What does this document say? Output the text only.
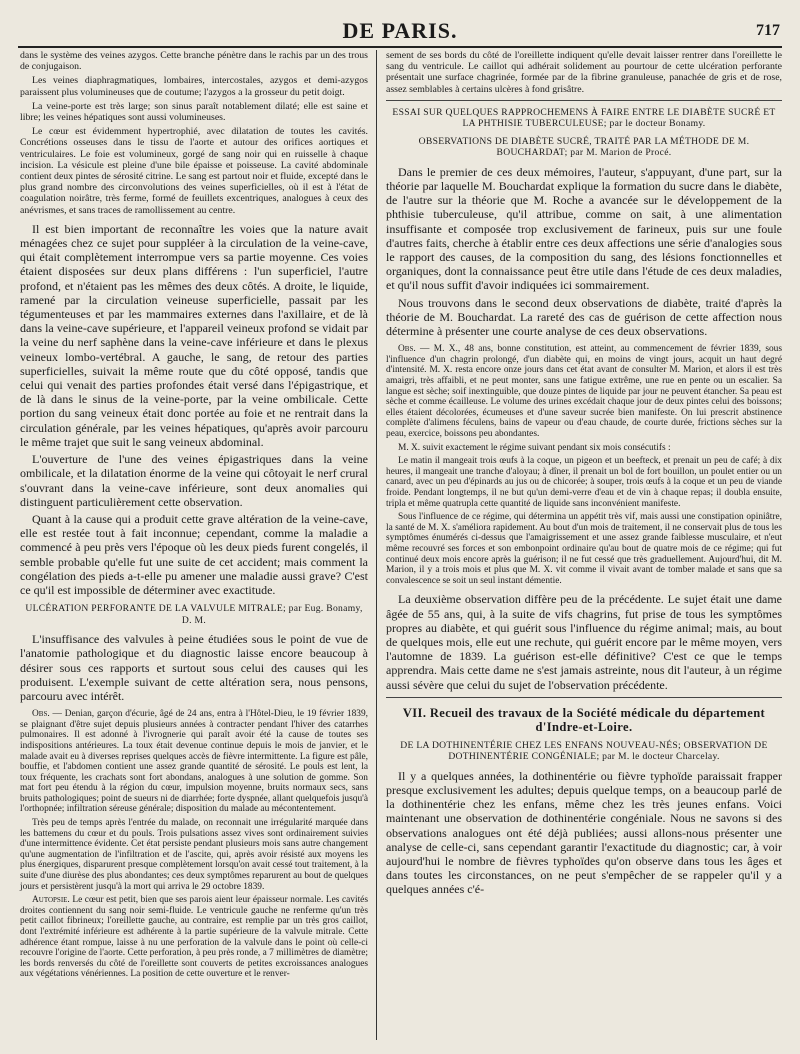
DE PARIS.	717

dans le système des veines azygos. Cette branche pénètre dans le rachis par un des trous de conjugaison.

Les veines diaphragmatiques, lombaires, intercostales, azygos et demi-azygos paraissent plus volumineuses que de coutume; l'azygos a la grosseur du petit doigt.

La veine-porte est très large; son sinus paraît notablement dilaté; elle est saine et libre; les veines hépatiques sont aussi volumineuses.

Le cœur est évidemment hypertrophié, avec dilatation de toutes les cavités. Concrétions osseuses dans le tissu de l'aorte et autour des orifices aortiques et ventriculaires. Le foie est volumineux, gorgé de sang noir qui en ruisselle à chaque incision. La vésicule est pleine d'une bile épaisse et poisseuse. La cavité abdominale contient deux pintes de sérosité citrine. Le sang est partout noir et fluide, excepté dans le plus grand nombre des circonvolutions des veines superficielles, où il est à l'état de coagulation noirâtre, très ferme, formé de feuillets excentriques, analogues à ceux des anévrismes, et sans traces de ramollissement au centre.

Il est bien important de reconnaître les voies que la nature avait ménagées chez ce sujet pour suppléer à la circulation de la veine-cave, qui était complètement interrompue vers sa partie moyenne. Ces voies étaient disposées sur deux plans différens : l'un superficiel, l'autre profond, et n'étaient pas les mêmes des deux côtés. A droite, le liquide, ramené par la circulation veineuse superficielle, passait par les tégumenteuses et par les mammaires externes dans l'axillaire, et de là dans la veine-cave supérieure, et l'appareil veineux profond se vidait par la veine du nerf saphène dans la veine-cave inférieure et dans le plexus veineux lombo-vertébral. A gauche, le sang, de retour des parties superficielles, suivait la même route que du côté opposé, tandis que celui qui venait des parties profondes était versé dans l'épigastrique, et de là dans le sinus de la veine-porte, par la veine ombilicale. Cette portion du sang veineux était donc portée au foie et ne rentrait dans la circulation générale, par les veines hépatiques, qu'après avoir parcouru le même trajet que suit le sang veineux abdominal.

L'ouverture de l'une des veines épigastriques dans la veine ombilicale, et la dilatation énorme de la veine qui côtoyait le nerf crural s'ouvrant dans la veine-cave inférieure, sont deux anomalies qui distinguent particulièrement cette observation.

Quant à la cause qui a produit cette grave altération de la veine-cave, elle est restée tout à fait inconnue; cependant, comme la maladie a commencé à peu près vers l'époque où les deux pieds furent congelés, il semble probable qu'elle fut une suite de cet accident; mais comment la congélation des pieds a-t-elle pu amener une maladie aussi grave? C'est ce qu'il est impossible de déterminer avec exactitude.

ULCÉRATION PERFORANTE DE LA VALVULE MITRALE; par Eug. Bonamy, D. M.

L'insuffisance des valvules à peine étudiées sous le point de vue de l'anatomie pathologique et du diagnostic laisse encore beaucoup à désirer sous ces rapports et surtout sous celui des causes qui les produisent. L'exemple suivant de cette altération sera, nous pensons, parcouru avec intérêt.

Obs. — Denian, garçon d'écurie, âgé de 24 ans, entra à l'Hôtel-Dieu, le 19 février 1839, se plaignant d'être sujet depuis plusieurs années à contracter pendant l'hiver des catarrhes pulmonaires. Il est adonné à l'ivrognerie qui paraît avoir été la cause de toutes ses indispositions antérieures. La toux était devenue continue depuis le mois de janvier, et le malade avait eu à diverses reprises quelques accès de fièvre intermittente. La figure est pâle, bouffie, et l'abdomen contient une assez grande quantité de sérosité. Le pouls est lent, la toux fréquente, les crachats sont fort abondans, analogues à une solution de gomme. Son mat fort peu étendu à la région du cœur, impulsion moyenne, bruits normaux secs, sans bruits pathologiques; point de sueurs ni de diarrhée; forte dyspnée, allant quelquefois jusqu'à l'orthopnée; infiltration séreuse générale; disposition du malade au mécontentement.

Très peu de temps après l'entrée du malade, on reconnait une irrégularité marquée dans les battemens du cœur et du pouls. Trois pulsations assez vives sont ordinairement suivies d'une intermittence évidente. Cet état persiste pendant plusieurs mois sans autre changement qu'une augmentation de l'infiltration et de l'ascite, qui, après avoir résisté aux moyens les plus énergiques, disparurent presque complètement lorsqu'on avait cessé tout traitement, à la suite d'une diurèse des plus abondantes; ces deux symptômes reparurent au bout de quelques jours et persistèrent jusqu'à la mort qui arriva le 29 octobre 1839.

Autopsie. Le cœur est petit, bien que ses parois aient leur épaisseur normale. Les cavités droites contiennent du sang noir semi-fluide. Le ventricule gauche ne renferme qu'un très petit caillot fibrineux; l'oreillette gauche, au contraire, est remplie par un très gros caillot, dont l'extrémité inférieure est adhérente à la partie supérieure de la valvule mitrale. Cette adhérence étant rompue, laisse à nu une perforation de la valvule dans le point où celle-ci recouvre l'origine de l'aorte. Cette perforation, à peu près ronde, a 7 millimètres de diamètre; les bords renversés du côté de l'oreillette sont couverts de petites excroissances analogues aux végétations vénériennes. La position de cette ouverture et le renver-

sement de ses bords du côté de l'oreillette indiquent qu'elle devait laisser rentrer dans l'oreillette le sang du ventricule. Le caillot qui adhérait solidement au pourtour de cette ulcération perforante présentait une surface chagrinée, formée par de la fibrine granuleuse, panachée de gris et de rose, assez semblables à certains ulcères à fond grisâtre.

ESSAI SUR QUELQUES RAPPROCHEMENS À FAIRE ENTRE LE DIABÈTE SUCRÉ ET LA PHTHISIE TUBERCULEUSE; par le docteur Bonamy.
OBSERVATIONS DE DIABÈTE SUCRÉ, TRAITÉ PAR LA MÉTHODE DE M. BOUCHARDAT; par M. Marion de Procé.

Dans le premier de ces deux mémoires, l'auteur, s'appuyant, d'une part, sur la théorie par laquelle M. Bouchardat explique la formation du sucre dans le diabète, de l'autre sur la théorie que M. Roche a avancée sur le développement de la phthisie tuberculeuse, qu'il attribue, comme on sait, à une alimentation insuffisante et composée trop exclusivement de farineux, puis sur une foule d'autres faits, cherche à établir entre ces deux affections une série d'analogies sous le rapport des causes, de la composition du sang, des lésions fonctionnelles et organiques, dont la connaissance peut être utile dans l'étude de ces deux maladies, et qu'il nous suffit d'avoir indiquées ici sommairement.

Nous trouvons dans le second deux observations de diabète, traité d'après la théorie de M. Bouchardat. La rareté des cas de guérison de cette affection nous détermine à présenter une courte analyse de ces deux observations.

Obs. — M. X., 48 ans, bonne constitution, est atteint, au commencement de février 1839, sous l'influence d'un chagrin prolongé, d'un diabète qui, en moins de vingt jours, acquit un haut degré d'intensité. M. X. resta encore onze jours dans cet état avant de consulter M. Marion, et alors il est très amaigri, très affaibli, et ne peut monter, sans une fatigue extrême, une rue en pente ou un escalier. Sa langue est sèche; soif inextinguible, que douze pintes de liquide par jour ne peuvent étancher. Sa peau est sèche et comme écailleuse. Le volume des urines excédait chaque jour de deux pintes celui des boissons; elles étaient décolorées, écumeuses et d'une saveur sucrée bien manifeste. On lui prescrit abstinence complète d'alimens féculens, bains de vapeur ou d'eau chaude, de courte durée, frictions sèches sur la peau, exercice, boissons peu abondantes.

M. X. suivit exactement le régime suivant pendant six mois consécutifs :

Le matin il mangeait trois œufs à la coque, un pigeon et un beefteck, et prenait un peu de café; à dix heures, il mangeait une tranche d'aloyau; à dîner, il prenait un bol de fort bouillon, un poulet entier ou un canard, avec un peu d'épinards au jus ou de chicorée; à souper, trois œufs à la coque et un peu de viande froide. Pendant longtemps, il ne but qu'un demi-verre d'eau et de vin à chaque repas; il doubla ensuite, tripla et même quatrupla cette quantité de liquide sans inconvénient manifeste.

Sous l'influence de ce régime, qui détermina un appétit très vif, mais aussi une constipation opiniâtre, la santé de M. X. s'améliora rapidement. Au bout d'un mois de traitement, il ne conservait plus de tous les symptômes énumérés ci-dessus que l'amaigrissement et une assez grande faiblesse musculaire, et n'eut même recouvré ses forces et son embonpoint ordinaire qu'au bout de quatre mois de ce régime; qui fut continué deux mois encore après la guérison; il ne fut cessé que très graduellement. Aujourd'hui, dit M. Marion, il y a trois mois et plus que M. X. vit comme il vivait avant de tomber malade et sans que sa convalescence se soit un seul instant démentie.

La deuxième observation diffère peu de la précédente. Le sujet était une dame âgée de 55 ans, qui, à la suite de vifs chagrins, fut prise de tous les symptômes propres au diabète, et qui guérit sous l'influence du régime animal; mais, au bout de quelques mois, elle eut une rechute, qui guérit encore par le même moyen, vers l'automne de 1839. La guérison est-elle définitive? C'est ce que le temps apprendra. Mais cette dame ne s'est jamais astreinte, nous dit l'auteur, à un régime aussi sévère que celui du sujet de l'observation précédente.

VII. Recueil des travaux de la Société médicale du département d'Indre-et-Loire.
DE LA DOTHINENTÉRIE CHEZ LES ENFANS NOUVEAU-NÉS; OBSERVATION DE DOTHINENTÉRIE CONGÉNIALE; par M. le docteur Charcelay.

Il y a quelques années, la dothinentérie ou fièvre typhoïde paraissait frapper presque exclusivement les adultes; depuis quelque temps, on a beaucoup parlé de la dothinentérie chez les enfans, même chez les très jeunes enfans. Voici maintenant une observation de dothinentérie congéniale. Nous ne savons si des observations analogues ont été déjà publiées; aussi allons-nous présenter une analyse de celle-ci, sans cependant garantir l'exactitude du diagnostic; car, à voir aujourd'hui le nombre de fièvres typhoïdes qu'on observe dans tous les âges et dans toutes les circonstances, on ne peut s'empêcher de se rappeler qu'il y a quelques années c'é-
